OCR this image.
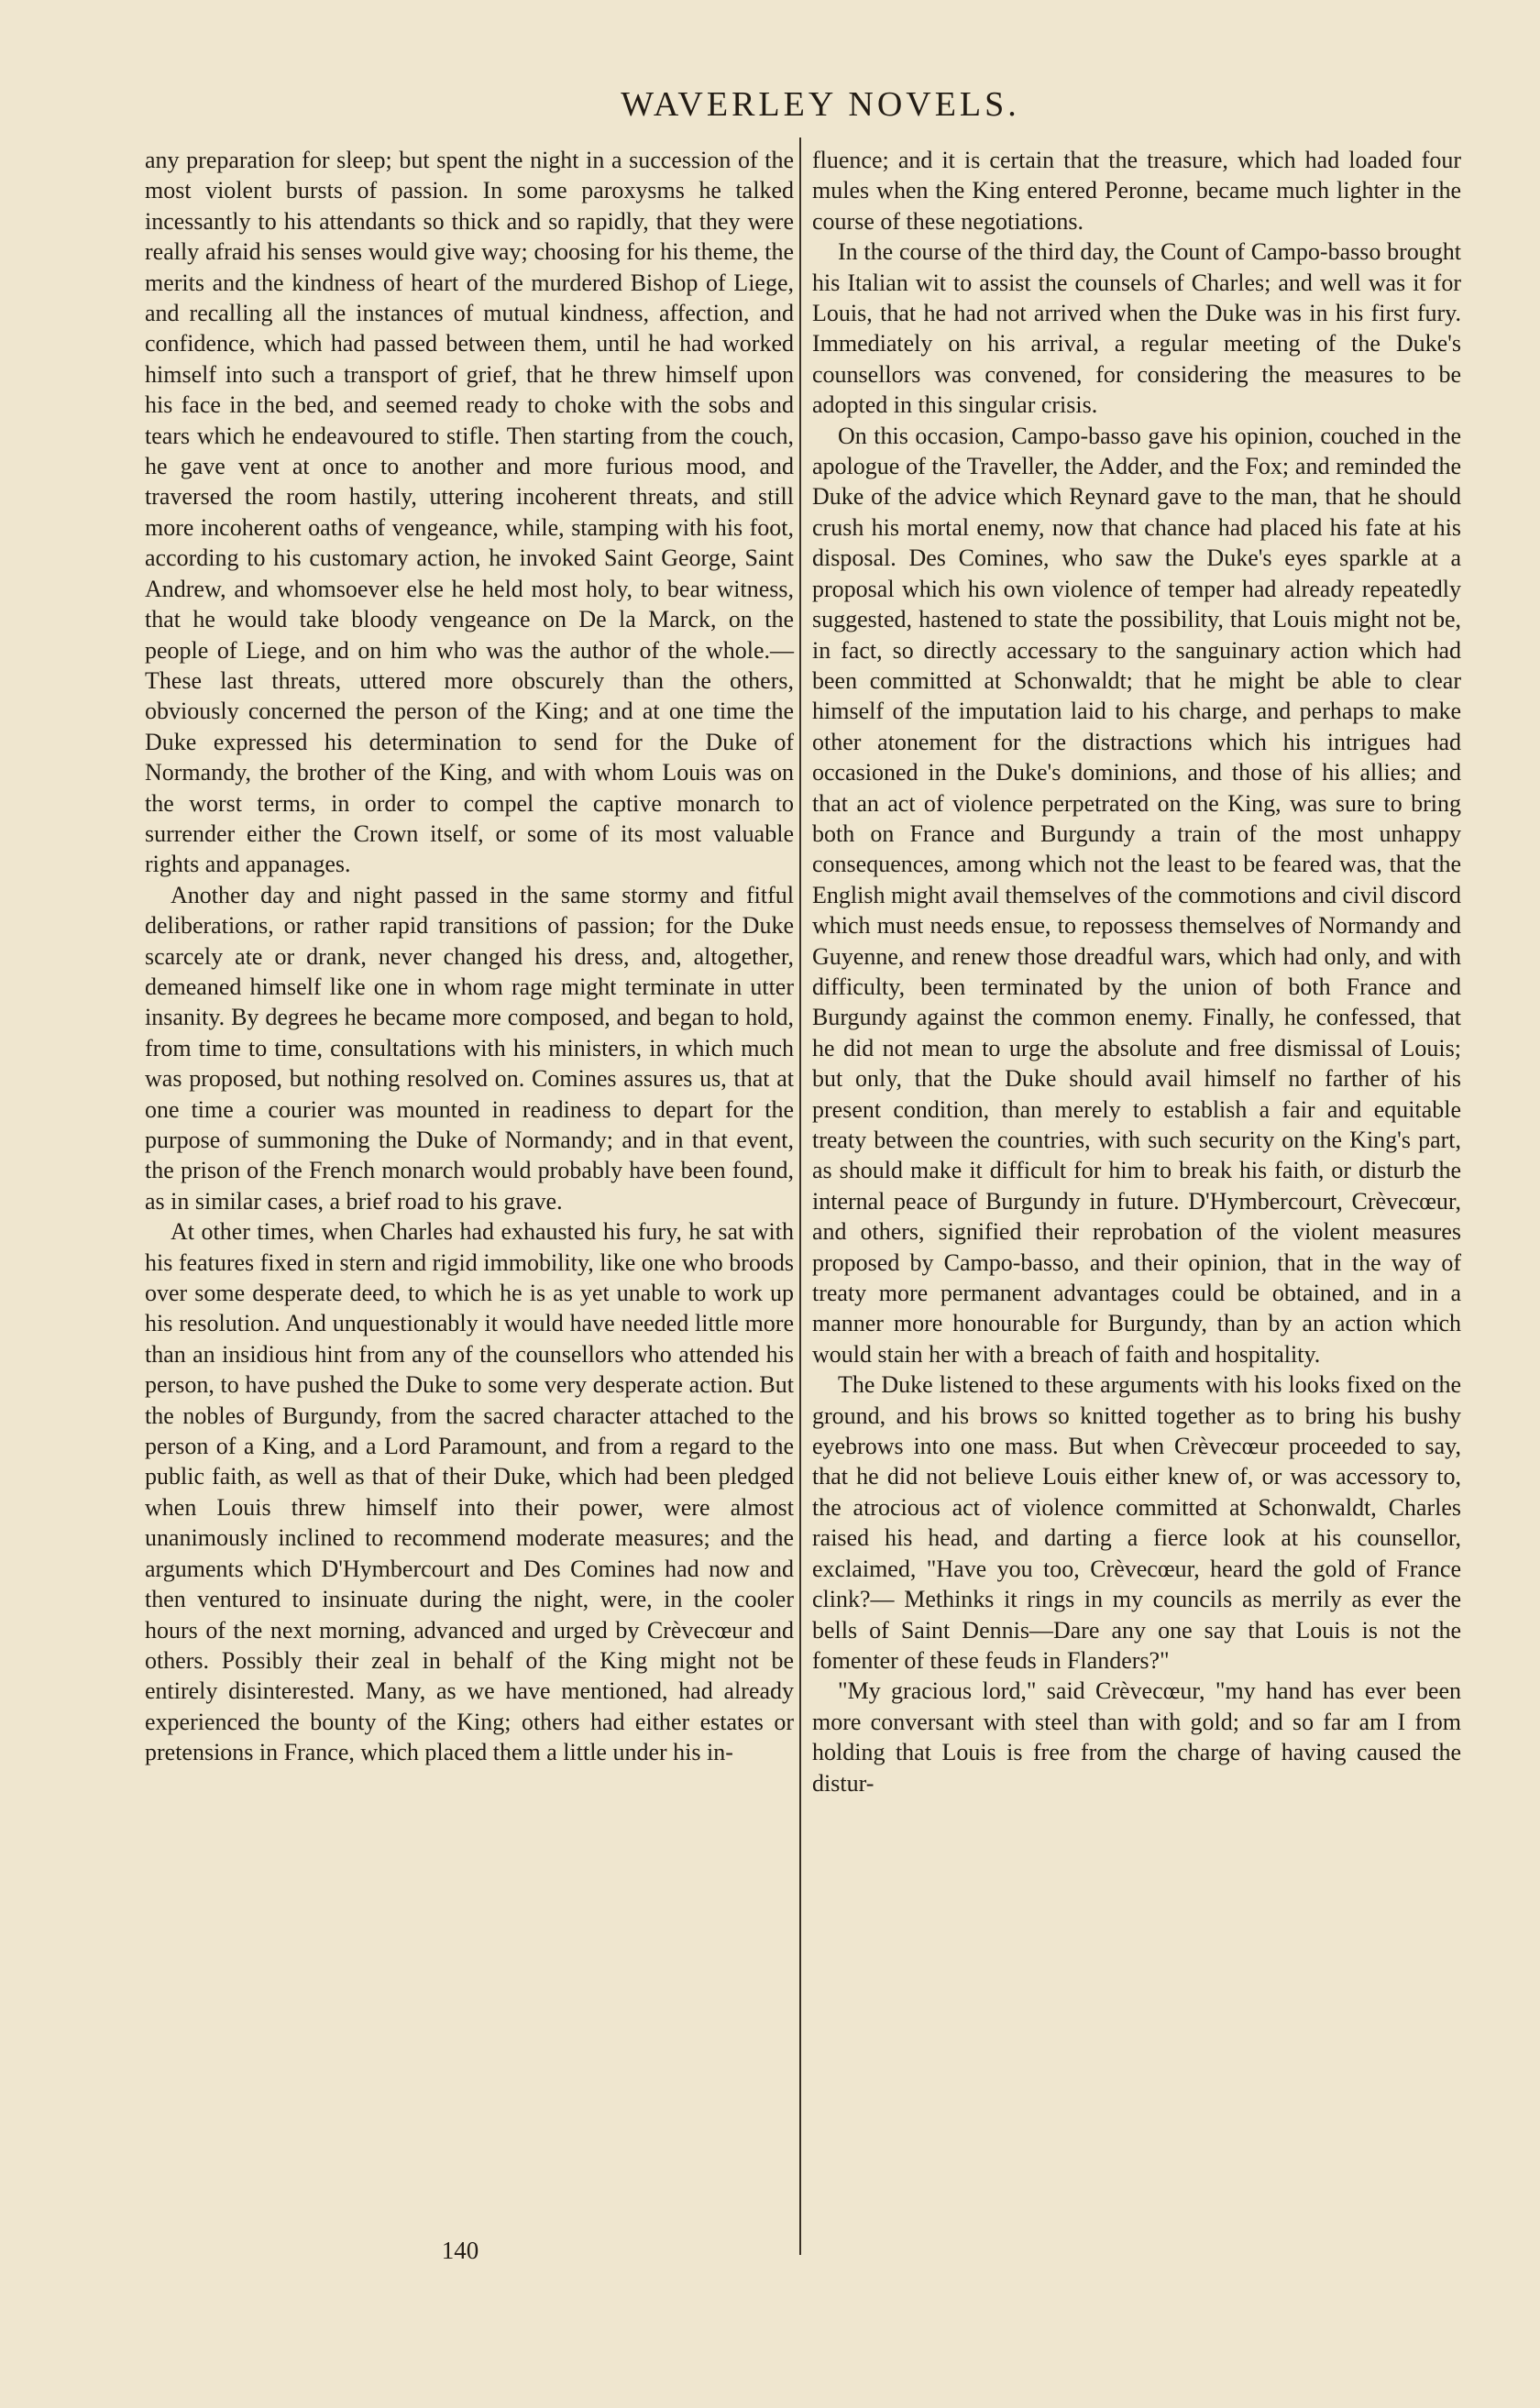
WAVERLEY NOVELS.

any preparation for sleep; but spent the night in a succession of the most violent bursts of passion. In some paroxysms he talked incessantly to his attendants so thick and so rapidly, that they were really afraid his senses would give way; choosing for his theme, the merits and the kindness of heart of the murdered Bishop of Liege, and recalling all the instances of mutual kindness, affection, and confidence, which had passed between them, until he had worked himself into such a transport of grief, that he threw himself upon his face in the bed, and seemed ready to choke with the sobs and tears which he endeavoured to stifle. Then starting from the couch, he gave vent at once to another and more furious mood, and traversed the room hastily, uttering incoherent threats, and still more incoherent oaths of vengeance, while, stamping with his foot, according to his customary action, he invoked Saint George, Saint Andrew, and whomsoever else he held most holy, to bear witness, that he would take bloody vengeance on De la Marck, on the people of Liege, and on him who was the author of the whole.— These last threats, uttered more obscurely than the others, obviously concerned the person of the King; and at one time the Duke expressed his determination to send for the Duke of Normandy, the brother of the King, and with whom Louis was on the worst terms, in order to compel the captive monarch to surrender either the Crown itself, or some of its most valuable rights and appanages.

Another day and night passed in the same stormy and fitful deliberations, or rather rapid transitions of passion; for the Duke scarcely ate or drank, never changed his dress, and, altogether, demeaned himself like one in whom rage might terminate in utter insanity. By degrees he became more composed, and began to hold, from time to time, consultations with his ministers, in which much was proposed, but nothing resolved on. Comines assures us, that at one time a courier was mounted in readiness to depart for the purpose of summoning the Duke of Normandy; and in that event, the prison of the French monarch would probably have been found, as in similar cases, a brief road to his grave.

At other times, when Charles had exhausted his fury, he sat with his features fixed in stern and rigid immobility, like one who broods over some desperate deed, to which he is as yet unable to work up his resolution. And unquestionably it would have needed little more than an insidious hint from any of the counsellors who attended his person, to have pushed the Duke to some very desperate action. But the nobles of Burgundy, from the sacred character attached to the person of a King, and a Lord Paramount, and from a regard to the public faith, as well as that of their Duke, which had been pledged when Louis threw himself into their power, were almost unanimously inclined to recommend moderate measures; and the arguments which D'Hymbercourt and Des Comines had now and then ventured to insinuate during the night, were, in the cooler hours of the next morning, advanced and urged by Crèvecœur and others. Possibly their zeal in behalf of the King might not be entirely disinterested. Many, as we have mentioned, had already experienced the bounty of the King; others had either estates or pretensions in France, which placed them a little under his in-

fluence; and it is certain that the treasure, which had loaded four mules when the King entered Peronne, became much lighter in the course of these negotiations.

In the course of the third day, the Count of Campo-basso brought his Italian wit to assist the counsels of Charles; and well was it for Louis, that he had not arrived when the Duke was in his first fury. Immediately on his arrival, a regular meeting of the Duke's counsellors was convened, for considering the measures to be adopted in this singular crisis.

On this occasion, Campo-basso gave his opinion, couched in the apologue of the Traveller, the Adder, and the Fox; and reminded the Duke of the advice which Reynard gave to the man, that he should crush his mortal enemy, now that chance had placed his fate at his disposal. Des Comines, who saw the Duke's eyes sparkle at a proposal which his own violence of temper had already repeatedly suggested, hastened to state the possibility, that Louis might not be, in fact, so directly accessary to the sanguinary action which had been committed at Schonwaldt; that he might be able to clear himself of the imputation laid to his charge, and perhaps to make other atonement for the distractions which his intrigues had occasioned in the Duke's dominions, and those of his allies; and that an act of violence perpetrated on the King, was sure to bring both on France and Burgundy a train of the most unhappy consequences, among which not the least to be feared was, that the English might avail themselves of the commotions and civil discord which must needs ensue, to repossess themselves of Normandy and Guyenne, and renew those dreadful wars, which had only, and with difficulty, been terminated by the union of both France and Burgundy against the common enemy. Finally, he confessed, that he did not mean to urge the absolute and free dismissal of Louis; but only, that the Duke should avail himself no farther of his present condition, than merely to establish a fair and equitable treaty between the countries, with such security on the King's part, as should make it difficult for him to break his faith, or disturb the internal peace of Burgundy in future. D'Hymbercourt, Crèvecœur, and others, signified their reprobation of the violent measures proposed by Campo-basso, and their opinion, that in the way of treaty more permanent advantages could be obtained, and in a manner more honourable for Burgundy, than by an action which would stain her with a breach of faith and hospitality.

The Duke listened to these arguments with his looks fixed on the ground, and his brows so knitted together as to bring his bushy eyebrows into one mass. But when Crèvecœur proceeded to say, that he did not believe Louis either knew of, or was accessory to, the atrocious act of violence committed at Schonwaldt, Charles raised his head, and darting a fierce look at his counsellor, exclaimed, "Have you too, Crèvecœur, heard the gold of France clink?— Methinks it rings in my councils as merrily as ever the bells of Saint Dennis—Dare any one say that Louis is not the fomenter of these feuds in Flanders?"

"My gracious lord," said Crèvecœur, "my hand has ever been more conversant with steel than with gold; and so far am I from holding that Louis is free from the charge of having caused the distur-

140
